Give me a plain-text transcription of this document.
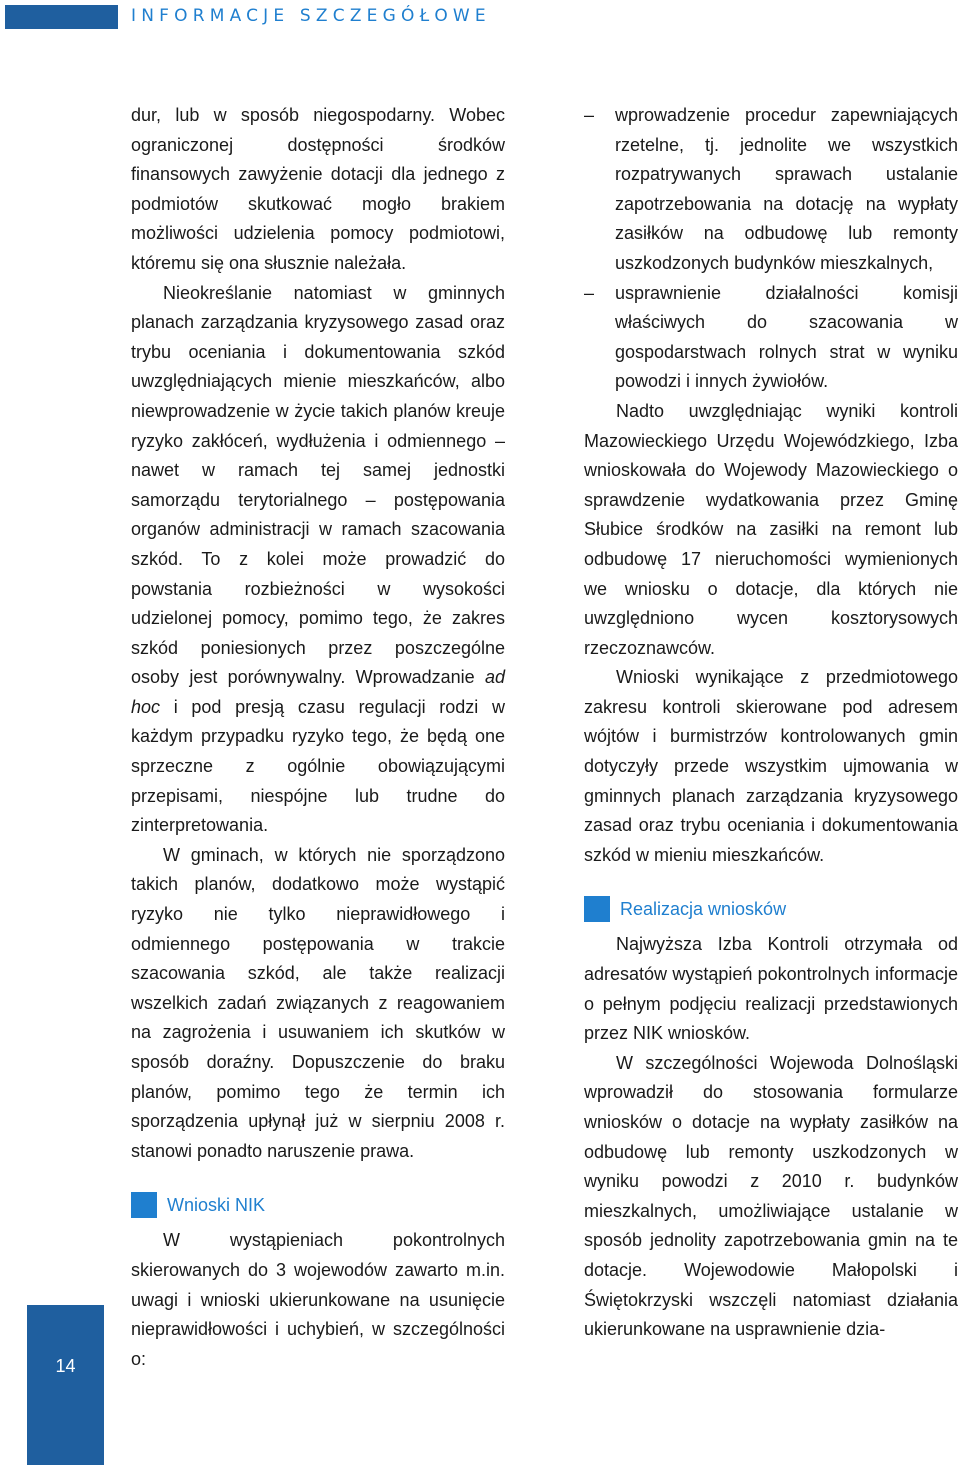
INFORMACJE SZCZEGÓŁOWE
14

dur, lub w sposób niegospodarny. Wobec ograniczonej dostępności środków finansowych zawyżenie dotacji dla jednego z podmiotów skutkować mogło brakiem możliwości udzielenia pomocy podmiotowi, któremu się ona słusznie należała.

Nieokreślanie natomiast w gminnych planach zarządzania kryzysowego zasad oraz trybu oceniania i dokumentowania szkód uwzględniających mienie mieszkańców, albo niewprowadzenie w życie takich planów kreuje ryzyko zakłóceń, wydłużenia i odmiennego – nawet w ramach tej samej jednostki samorządu terytorialnego – postępowania organów administracji w ramach szacowania szkód. To z kolei może prowadzić do powstania rozbieżności w wysokości udzielonej pomocy, pomimo tego, że zakres szkód poniesionych przez poszczególne osoby jest porównywalny. Wprowadzanie ad hoc i pod presją czasu regulacji rodzi w każdym przypadku ryzyko tego, że będą one sprzeczne z ogólnie obowiązującymi przepisami, niespójne lub trudne do zinterpretowania.

W gminach, w których nie sporządzono takich planów, dodatkowo może wystąpić ryzyko nie tylko nieprawidłowego i odmiennego postępowania w trakcie szacowania szkód, ale także realizacji wszelkich zadań związanych z reagowaniem na zagrożenia i usuwaniem ich skutków w sposób doraźny. Dopuszczenie do braku planów, pomimo tego że termin ich sporządzenia upłynął już w sierpniu 2008 r. stanowi ponadto naruszenie prawa.

Wnioski NIK

W wystąpieniach pokontrolnych skierowanych do 3 wojewodów zawarto m.in. uwagi i wnioski ukierunkowane na usunięcie nieprawidłowości i uchybień, w szczególności o:

– wprowadzenie procedur zapewniających rzetelne, tj. jednolite we wszystkich rozpatrywanych sprawach ustalanie zapotrzebowania na dotację na wypłaty zasiłków na odbudowę lub remonty uszkodzonych budynków mieszkalnych,
– usprawnienie działalności komisji właściwych do szacowania w gospodarstwach rolnych strat w wyniku powodzi i innych żywiołów.

Nadto uwzględniając wyniki kontroli Mazowieckiego Urzędu Wojewódzkiego, Izba wnioskowała do Wojewody Mazowieckiego o sprawdzenie wydatkowania przez Gminę Słubice środków na zasiłki na remont lub odbudowę 17 nieruchomości wymienionych we wniosku o dotacje, dla których nie uwzględniono wycen kosztorysowych rzeczoznawców.

Wnioski wynikające z przedmiotowego zakresu kontroli skierowane pod adresem wójtów i burmistrzów kontrolowanych gmin dotyczyły przede wszystkim ujmowania w gminnych planach zarządzania kryzysowego zasad oraz trybu oceniania i dokumentowania szkód w mieniu mieszkańców.

Realizacja wniosków

Najwyższa Izba Kontroli otrzymała od adresatów wystąpień pokontrolnych informacje o pełnym podjęciu realizacji przedstawionych przez NIK wniosków.

W szczególności Wojewoda Dolnośląski wprowadził do stosowania formularze wniosków o dotacje na wypłaty zasiłków na odbudowę lub remonty uszkodzonych w wyniku powodzi z 2010 r. budynków mieszkalnych, umożliwiające ustalanie w sposób jednolity zapotrzebowania gmin na te dotacje. Wojewodowie Małopolski i Świętokrzyski wszczęli natomiast działania ukierunkowane na usprawnienie dzia-
